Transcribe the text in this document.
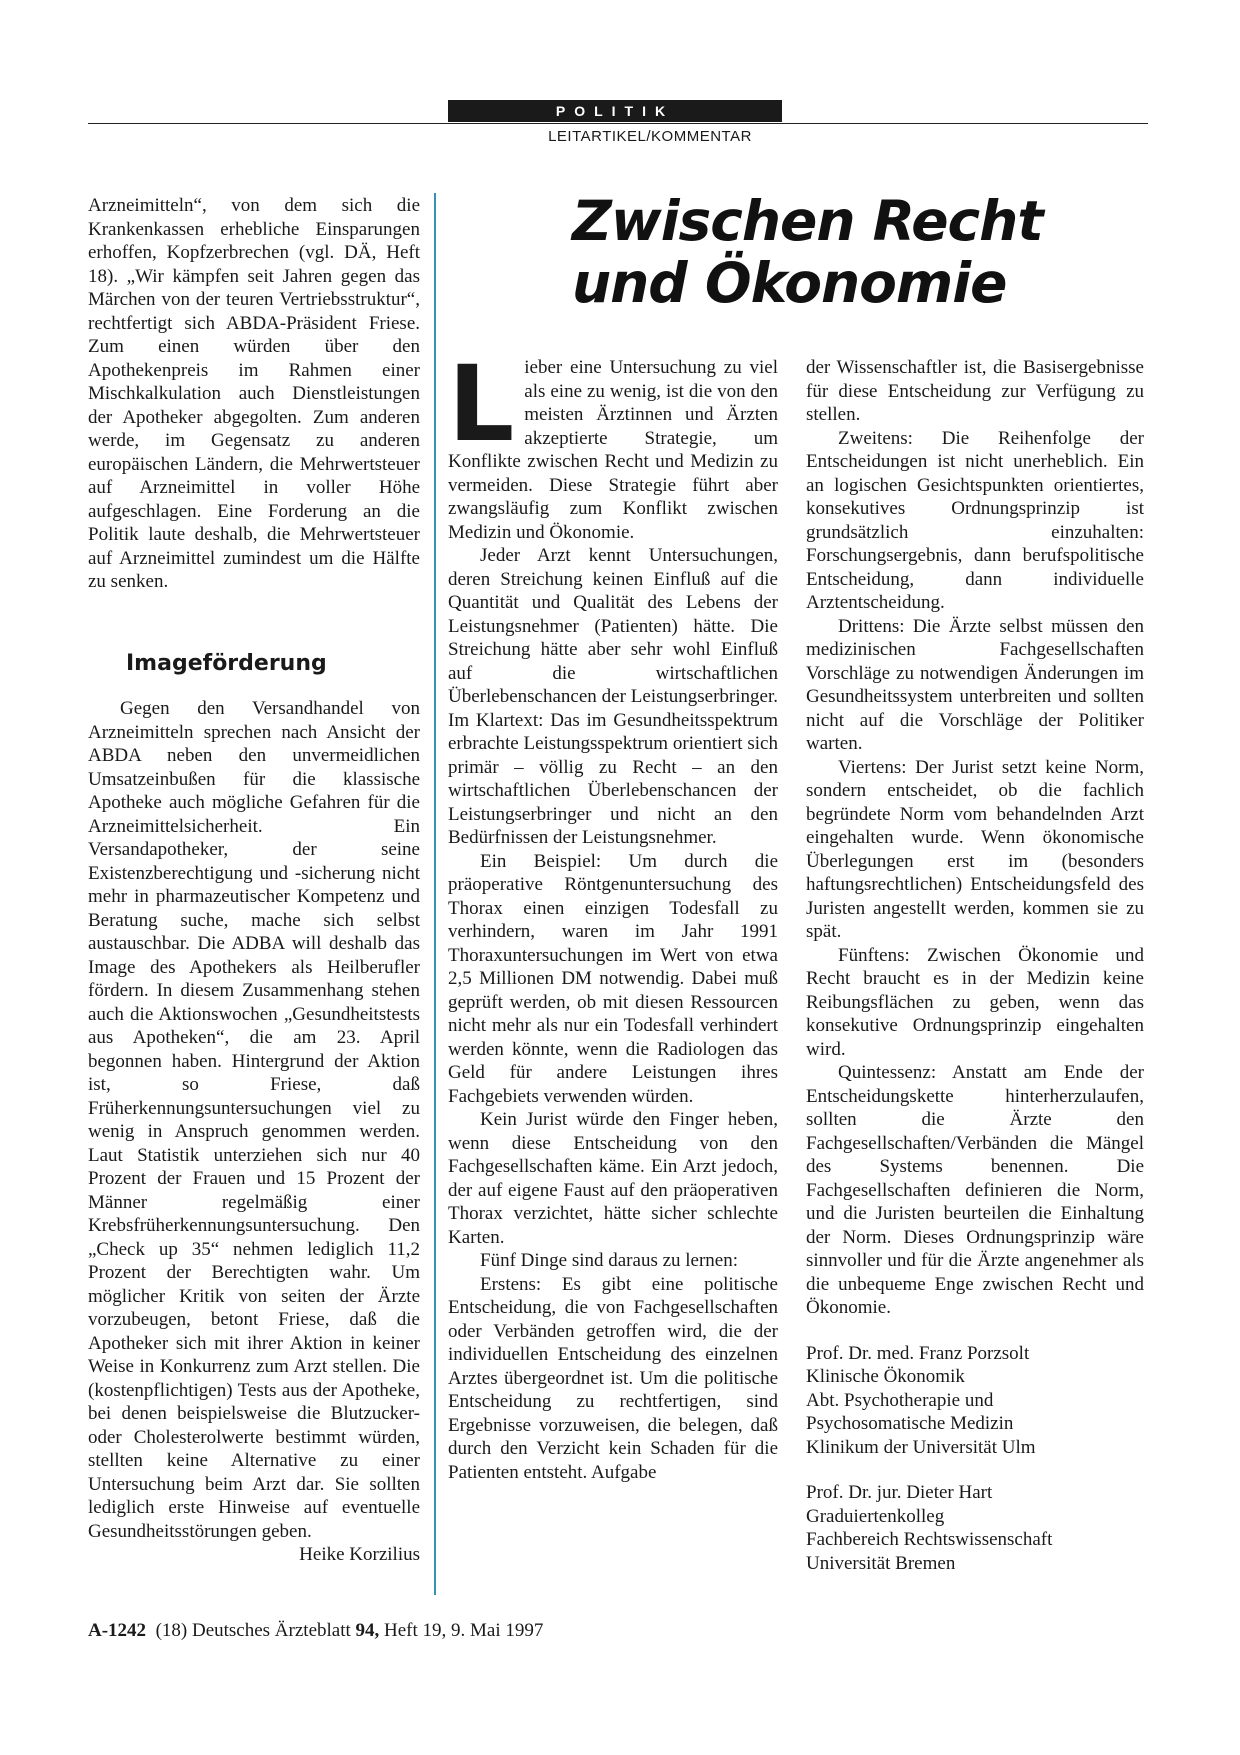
POLITIK
LEITARTIKEL/KOMMENTAR

Arzneimitteln“, von dem sich die Krankenkassen erhebliche Einsparungen erhoffen, Kopfzerbrechen (vgl. DÄ, Heft 18). „Wir kämpfen seit Jahren gegen das Märchen von der teuren Vertriebsstruktur“, rechtfertigt sich ABDA-Präsident Friese. Zum einen würden über den Apothekenpreis im Rahmen einer Mischkalkulation auch Dienstleistungen der Apotheker abgegolten. Zum anderen werde, im Gegensatz zu anderen europäischen Ländern, die Mehrwertsteuer auf Arzneimittel in voller Höhe aufgeschlagen. Eine Forderung an die Politik laute deshalb, die Mehrwertsteuer auf Arzneimittel zumindest um die Hälfte zu senken.

Imageförderung

Gegen den Versandhandel von Arzneimitteln sprechen nach Ansicht der ABDA neben den unvermeidlichen Umsatzeinbußen für die klassische Apotheke auch mögliche Gefahren für die Arzneimittelsicherheit. Ein Versandapotheker, der seine Existenzberechtigung und -sicherung nicht mehr in pharmazeutischer Kompetenz und Beratung suche, mache sich selbst austauschbar. Die ADBA will deshalb das Image des Apothekers als Heilberufler fördern. In diesem Zusammenhang stehen auch die Aktionswochen „Gesundheitstests aus Apotheken“, die am 23. April begonnen haben. Hintergrund der Aktion ist, so Friese, daß Früherkennungsuntersuchungen viel zu wenig in Anspruch genommen werden. Laut Statistik unterziehen sich nur 40 Prozent der Frauen und 15 Prozent der Männer regelmäßig einer Krebsfrüherkennungsuntersuchung. Den „Check up 35“ nehmen lediglich 11,2 Prozent der Berechtigten wahr. Um möglicher Kritik von seiten der Ärzte vorzubeugen, betont Friese, daß die Apotheker sich mit ihrer Aktion in keiner Weise in Konkurrenz zum Arzt stellen. Die (kostenpflichtigen) Tests aus der Apotheke, bei denen beispielsweise die Blutzucker- oder Cholesterolwerte bestimmt würden, stellten keine Alternative zu einer Untersuchung beim Arzt dar. Sie sollten lediglich erste Hinweise auf eventuelle Gesundheitsstörungen geben.
Heike Korzilius

Zwischen Recht
und Ökonomie

Lieber eine Untersuchung zu viel als eine zu wenig, ist die von den meisten Ärztinnen und Ärzten akzeptierte Strategie, um Konflikte zwischen Recht und Medizin zu vermeiden. Diese Strategie führt aber zwangsläufig zum Konflikt zwischen Medizin und Ökonomie.

Jeder Arzt kennt Untersuchungen, deren Streichung keinen Einfluß auf die Quantität und Qualität des Lebens der Leistungsnehmer (Patienten) hätte. Die Streichung hätte aber sehr wohl Einfluß auf die wirtschaftlichen Überlebenschancen der Leistungserbringer. Im Klartext: Das im Gesundheitsspektrum erbrachte Leistungsspektrum orientiert sich primär – völlig zu Recht – an den wirtschaftlichen Überlebenschancen der Leistungserbringer und nicht an den Bedürfnissen der Leistungsnehmer.

Ein Beispiel: Um durch die präoperative Röntgenuntersuchung des Thorax einen einzigen Todesfall zu verhindern, waren im Jahr 1991 Thoraxuntersuchungen im Wert von etwa 2,5 Millionen DM notwendig. Dabei muß geprüft werden, ob mit diesen Ressourcen nicht mehr als nur ein Todesfall verhindert werden könnte, wenn die Radiologen das Geld für andere Leistungen ihres Fachgebiets verwenden würden.

Kein Jurist würde den Finger heben, wenn diese Entscheidung von den Fachgesellschaften käme. Ein Arzt jedoch, der auf eigene Faust auf den präoperativen Thorax verzichtet, hätte sicher schlechte Karten.

Fünf Dinge sind daraus zu lernen:

Erstens: Es gibt eine politische Entscheidung, die von Fachgesellschaften oder Verbänden getroffen wird, die der individuellen Entscheidung des einzelnen Arztes übergeordnet ist. Um die politische Entscheidung zu rechtfertigen, sind Ergebnisse vorzuweisen, die belegen, daß durch den Verzicht kein Schaden für die Patienten entsteht. Aufgabe

der Wissenschaftler ist, die Basisergebnisse für diese Entscheidung zur Verfügung zu stellen.

Zweitens: Die Reihenfolge der Entscheidungen ist nicht unerheblich. Ein an logischen Gesichtspunkten orientiertes, konsekutives Ordnungsprinzip ist grundsätzlich einzuhalten: Forschungsergebnis, dann berufspolitische Entscheidung, dann individuelle Arztentscheidung.

Drittens: Die Ärzte selbst müssen den medizinischen Fachgesellschaften Vorschläge zu notwendigen Änderungen im Gesundheitssystem unterbreiten und sollten nicht auf die Vorschläge der Politiker warten.

Viertens: Der Jurist setzt keine Norm, sondern entscheidet, ob die fachlich begründete Norm vom behandelnden Arzt eingehalten wurde. Wenn ökonomische Überlegungen erst im (besonders haftungsrechtlichen) Entscheidungsfeld des Juristen angestellt werden, kommen sie zu spät.

Fünftens: Zwischen Ökonomie und Recht braucht es in der Medizin keine Reibungsflächen zu geben, wenn das konsekutive Ordnungsprinzip eingehalten wird.

Quintessenz: Anstatt am Ende der Entscheidungskette hinterherzulaufen, sollten die Ärzte den Fachgesellschaften/Verbänden die Mängel des Systems benennen. Die Fachgesellschaften definieren die Norm, und die Juristen beurteilen die Einhaltung der Norm. Dieses Ordnungsprinzip wäre sinnvoller und für die Ärzte angenehmer als die unbequeme Enge zwischen Recht und Ökonomie.

Prof. Dr. med. Franz Porzsolt
Klinische Ökonomik
Abt. Psychotherapie und
Psychosomatische Medizin
Klinikum der Universität Ulm
Prof. Dr. jur. Dieter Hart
Graduiertenkolleg
Fachbereich Rechtswissenschaft
Universität Bremen
A-1242 (18) Deutsches Ärzteblatt 94, Heft 19, 9. Mai 1997
